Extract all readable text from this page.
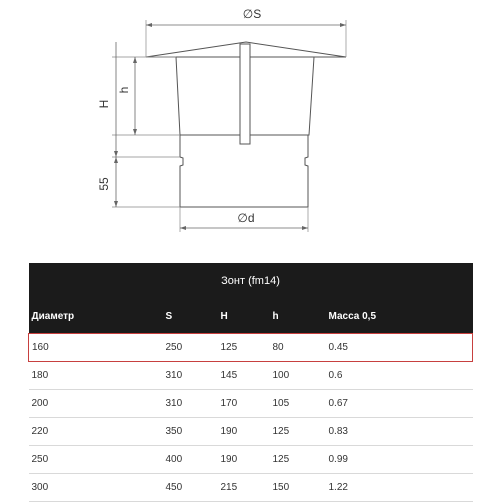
∅S
∅d
H
h
55
Зонт (fm14)				
Диаметр	S	H	h	Масса 0,5
160	250	125	80	0.45
180	310	145	100	0.6
200	310	170	105	0.67
220	350	190	125	0.83
250	400	190	125	0.99
300	450	215	150	1.22
